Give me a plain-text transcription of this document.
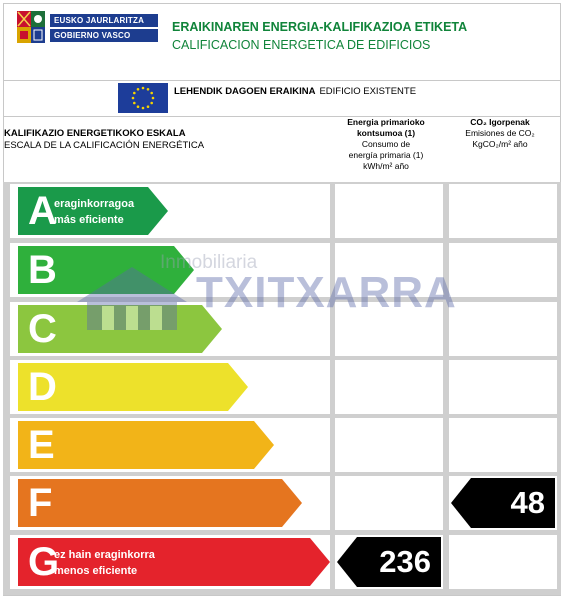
EUSKO JAURLARITZA
GOBIERNO VASCO
ERAIKINAREN ENERGIA-KALIFIKAZIOA ETIKETA
CALIFICACION ENERGETICA DE EDIFICIOS
LEHENDIK DAGOEN ERAIKINA EDIFICIO EXISTENTE
KALIFIKAZIO ENERGETIKOKO ESKALA
ESCALA DE LA CALIFICACIÓN ENERGÉTICA
Energia primarioko
kontsumoa (1)
Consumo de
energía primaria (1)
kWh/m² año
CO₂ Igorpenak
Emisiones de CO₂
KgCO₂/m² año
A
eraginkorragoa
más eficiente
B
C
D
E
F	48
G
ez hain eraginkorra
menos eficiente	236
Inmobiliaria
TXITXARRA
